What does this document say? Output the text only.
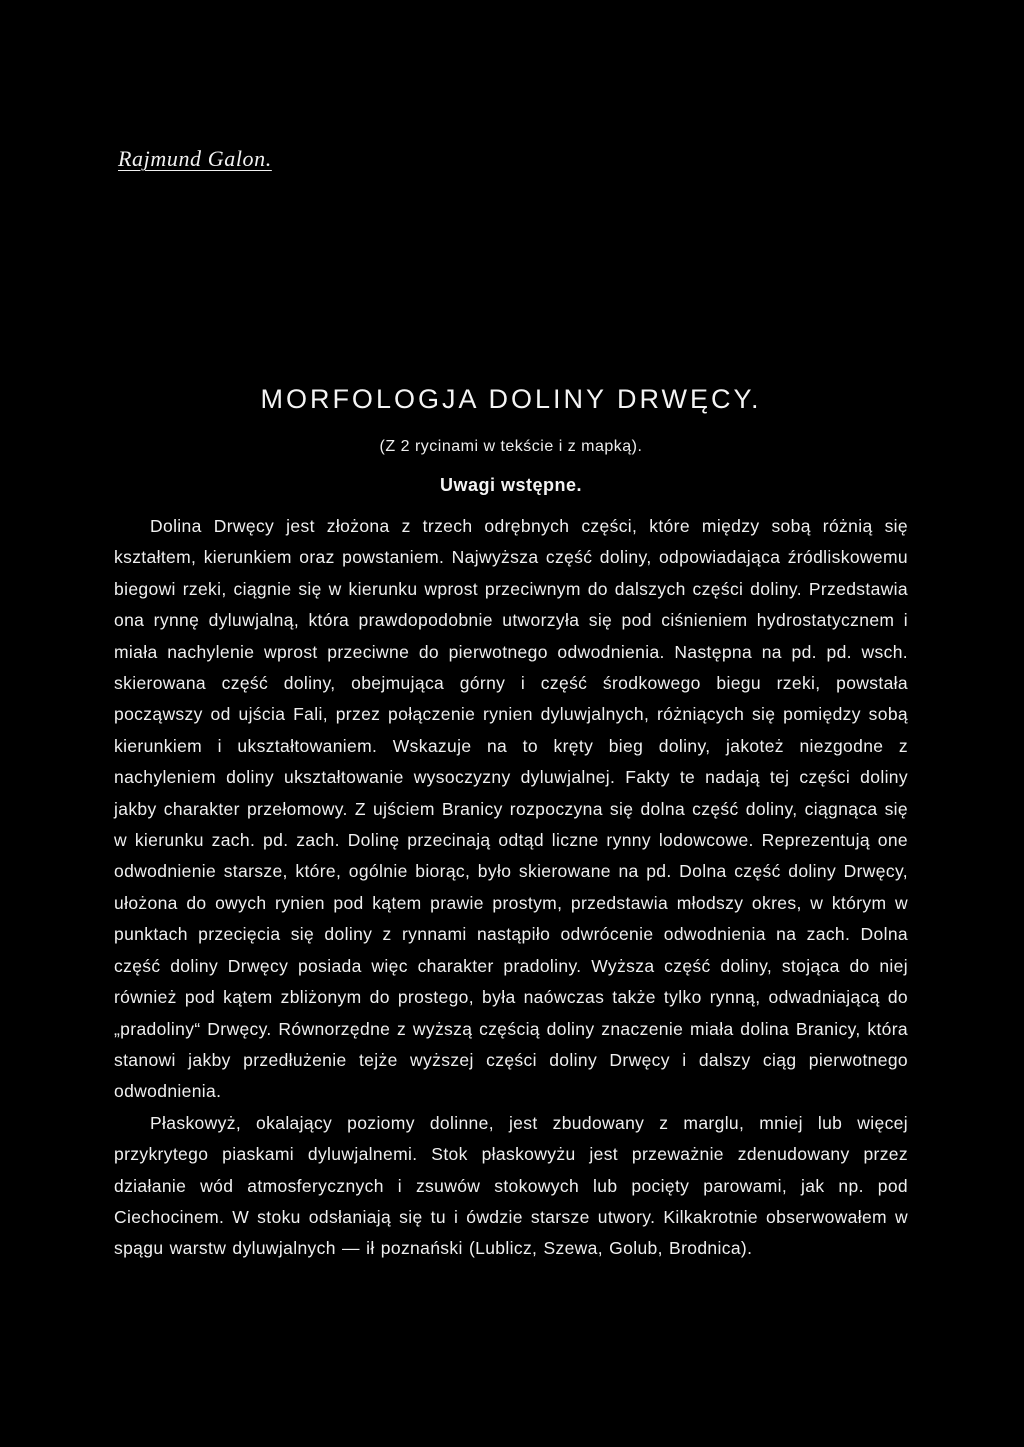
Rajmund Galon.
MORFOLOGJA DOLINY DRWĘCY.
(Z 2 rycinami w tekście i z mapką).
Uwagi wstępne.

Dolina Drwęcy jest złożona z trzech odrębnych części, które między sobą różnią się kształtem, kierunkiem oraz powstaniem. Najwyższa część doliny, odpowiadająca źródliskowemu biegowi rzeki, ciągnie się w kierunku wprost przeciwnym do dalszych części doliny. Przedstawia ona rynnę dyluwjalną, która prawdopodobnie utworzyła się pod ciśnieniem hydrostatycznem i miała nachylenie wprost przeciwne do pierwotnego odwodnienia. Następna na pd. pd. wsch. skierowana część doliny, obejmująca górny i część środkowego biegu rzeki, powstała począwszy od ujścia Fali, przez połączenie rynien dyluwjalnych, różniących się pomiędzy sobą kierunkiem i ukształtowaniem. Wskazuje na to kręty bieg doliny, jakoteż niezgodne z nachyleniem doliny ukształtowanie wysoczyzny dyluwjalnej. Fakty te nadają tej części doliny jakby charakter przełomowy. Z ujściem Branicy rozpoczyna się dolna część doliny, ciągnąca się w kierunku zach. pd. zach. Dolinę przecinają odtąd liczne rynny lodowcowe. Reprezentują one odwodnienie starsze, które, ogólnie biorąc, było skierowane na pd. Dolna część doliny Drwęcy, ułożona do owych rynien pod kątem prawie prostym, przedstawia młodszy okres, w którym w punktach przecięcia się doliny z rynnami nastąpiło odwrócenie odwodnienia na zach. Dolna część doliny Drwęcy posiada więc charakter pradoliny. Wyższa część doliny, stojąca do niej również pod kątem zbliżonym do prostego, była naówczas także tylko rynną, odwadniającą do „pradoliny“ Drwęcy. Równorzędne z wyższą częścią doliny znaczenie miała dolina Branicy, która stanowi jakby przedłużenie tejże wyższej części doliny Drwęcy i dalszy ciąg pierwotnego odwodnienia.

Płaskowyż, okalający poziomy dolinne, jest zbudowany z marglu, mniej lub więcej przykrytego piaskami dyluwjalnemi. Stok płaskowyżu jest przeważnie zdenudowany przez działanie wód atmosferycznych i zsuwów stokowych lub pocięty parowami, jak np. pod Ciechocinem. W stoku odsłaniają się tu i ówdzie starsze utwory. Kilkakrotnie obserwowałem w spągu warstw dyluwjalnych — ił poznański (Lublicz, Szewa, Golub, Brodnica).
